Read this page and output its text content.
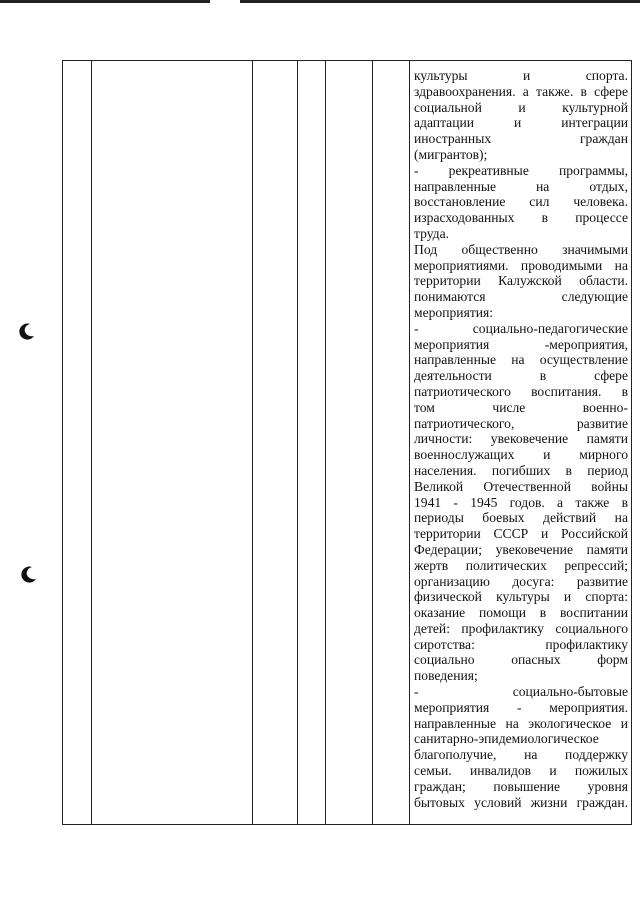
культуры и спорта.
здравоохранения. а также. в сфере
социальной и культурной
адаптации и интеграции
иностранных граждан
(мигрантов);
- рекреативные программы,
направленные на отдых,
восстановление сил человека.
израсходованных в процессе
труда.
Под общественно значимыми
мероприятиями. проводимыми на
территории Калужской области.
понимаются следующие
мероприятия:
- социально-педагогические
мероприятия -мероприятия,
направленные на осуществление
деятельности в сфере
патриотического воспитания. в
том числе военно-
патриотического, развитие
личности: увековечение памяти
военнослужащих и мирного
населения. погибших в период
Великой Отечественной войны
1941 - 1945 годов. а также в
периоды боевых действий на
территории СССР и Российской
Федерации; увековечение памяти
жертв политических репрессий;
организацию досуга: развитие
физической культуры и спорта:
оказание помощи в воспитании
детей: профилактику социального
сиротства: профилактику
социально опасных форм
поведения;
- социально-бытовые
мероприятия - мероприятия.
направленные на экологическое и
санитарно-эпидемиологическое
благополучие, на поддержку
семьи. инвалидов и пожилых
граждан; повышение уровня
бытовых условий жизни граждан.
